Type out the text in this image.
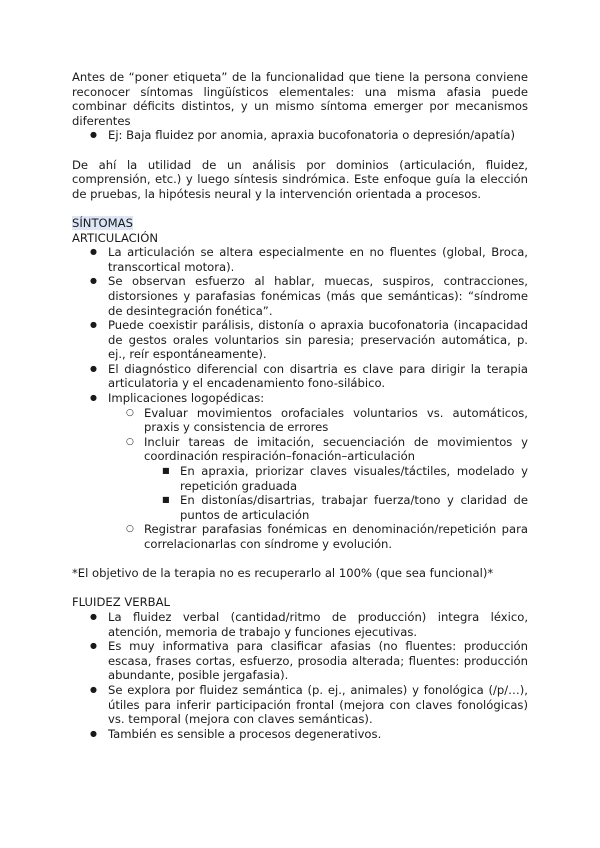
Antes de “poner etiqueta” de la funcionalidad que tiene la persona conviene reconocer síntomas lingüísticos elementales: una misma afasia puede combinar déficits distintos, y un mismo síntoma emerger por mecanismos diferentes

● Ej: Baja fluidez por anomia, apraxia bucofonatoria o depresión/apatía)

De ahí la utilidad de un análisis por dominios (articulación, fluidez, comprensión, etc.) y luego síntesis sindrómica. Este enfoque guía la elección de pruebas, la hipótesis neural y la intervención orientada a procesos.

SÍNTOMAS

ARTICULACIÓN

● La articulación se altera especialmente en no fluentes (global, Broca, transcortical motora).
● Se observan esfuerzo al hablar, muecas, suspiros, contracciones, distorsiones y parafasias fonémicas (más que semánticas): “síndrome de desintegración fonética”.
● Puede coexistir parálisis, distonía o apraxia bucofonatoria (incapacidad de gestos orales voluntarios sin paresia; preservación automática, p. ej., reír espontáneamente).
● El diagnóstico diferencial con disartria es clave para dirigir la terapia articulatoria y el encadenamiento fono-silábico.
● Implicaciones logopédicas:
○ Evaluar movimientos orofaciales voluntarios vs. automáticos, praxis y consistencia de errores
○ Incluir tareas de imitación, secuenciación de movimientos y coordinación respiración–fonación–articulación
■ En apraxia, priorizar claves visuales/táctiles, modelado y repetición graduada
■ En distonías/disartrias, trabajar fuerza/tono y claridad de puntos de articulación
○ Registrar parafasias fonémicas en denominación/repetición para correlacionarlas con síndrome y evolución.

*El objetivo de la terapia no es recuperarlo al 100% (que sea funcional)*

FLUIDEZ VERBAL

● La fluidez verbal (cantidad/ritmo de producción) integra léxico, atención, memoria de trabajo y funciones ejecutivas.
● Es muy informativa para clasificar afasias (no fluentes: producción escasa, frases cortas, esfuerzo, prosodia alterada; fluentes: producción abundante, posible jergafasia).
● Se explora por fluidez semántica (p. ej., animales) y fonológica (/p/…), útiles para inferir participación frontal (mejora con claves fonológicas) vs. temporal (mejora con claves semánticas).
● También es sensible a procesos degenerativos.
